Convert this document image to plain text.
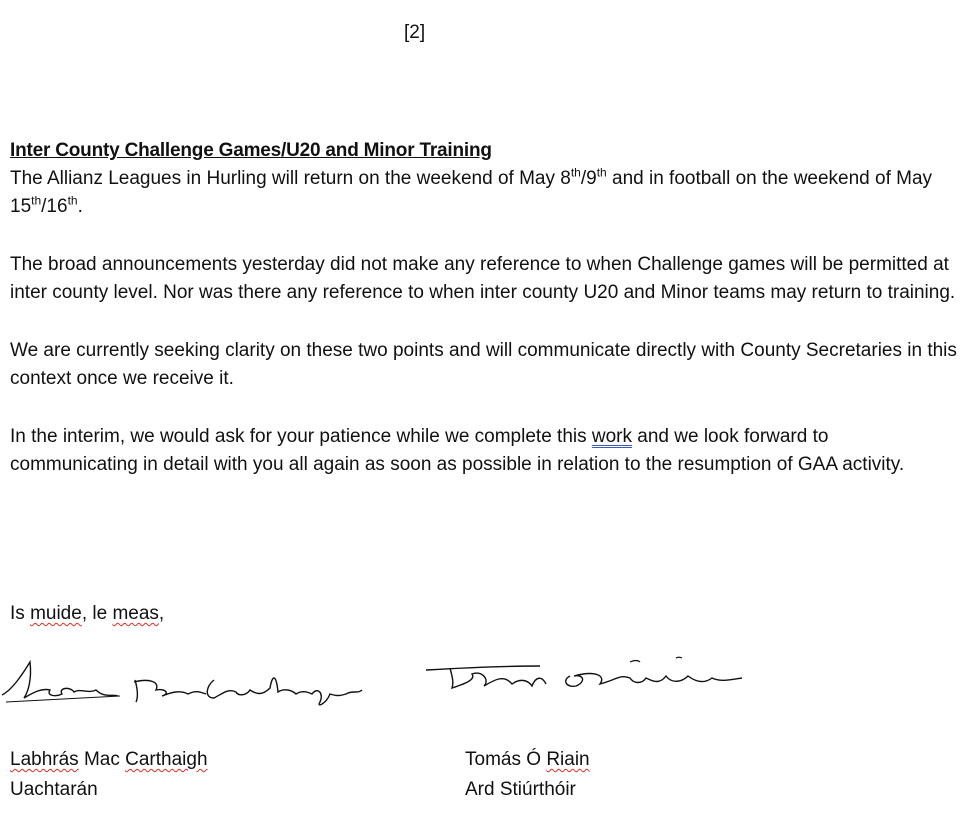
[2]
Inter County Challenge Games/U20 and Minor Training

The Allianz Leagues in Hurling will return on the weekend of May 8th/9th and in football on the weekend of May 15th/16th.

The broad announcements yesterday did not make any reference to when Challenge games will be permitted at inter county level. Nor was there any reference to when inter county U20 and Minor teams may return to training.

We are currently seeking clarity on these two points and will communicate directly with County Secretaries in this context once we receive it.

In the interim, we would ask for your patience while we complete this work and we look forward to communicating in detail with you all again as soon as possible in relation to the resumption of GAA activity.

Is muide, le meas,
Labhrás Mac Carthaigh
Uachtarán
Tomás Ó Riain
Ard Stiúrthóir
